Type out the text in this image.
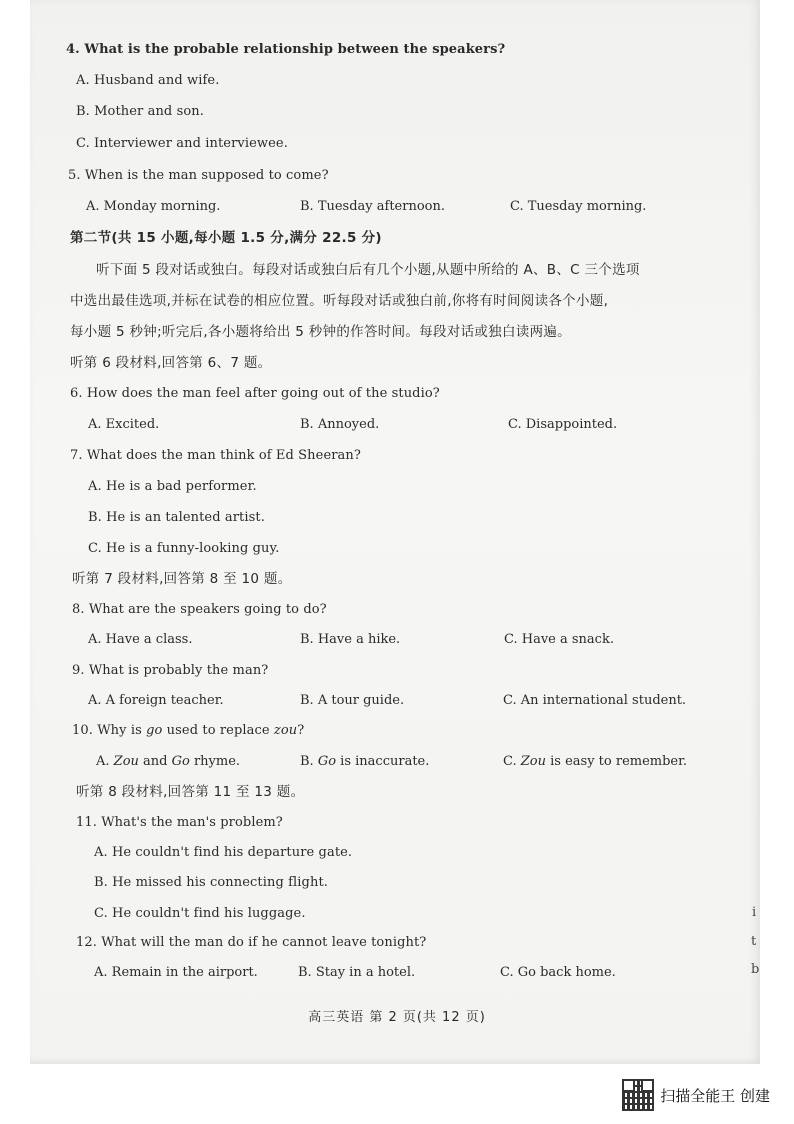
4. What is the probable relationship between the speakers?
A. Husband and wife.
B. Mother and son.
C. Interviewer and interviewee.
5. When is the man supposed to come?
A. Monday morning.	B. Tuesday afternoon.	C. Tuesday morning.
第二节(共 15 小题,每小题 1.5 分,满分 22.5 分)
听下面 5 段对话或独白。每段对话或独白后有几个小题,从题中所给的 A、B、C 三个选项
中选出最佳选项,并标在试卷的相应位置。听每段对话或独白前,你将有时间阅读各个小题,
每小题 5 秒钟;听完后,各小题将给出 5 秒钟的作答时间。每段对话或独白读两遍。
听第 6 段材料,回答第 6、7 题。
6. How does the man feel after going out of the studio?
A. Excited.	B. Annoyed.	C. Disappointed.
7. What does the man think of Ed Sheeran?
A. He is a bad performer.
B. He is an talented artist.
C. He is a funny-looking guy.
听第 7 段材料,回答第 8 至 10 题。
8. What are the speakers going to do?
A. Have a class.	B. Have a hike.	C. Have a snack.
9. What is probably the man?
A. A foreign teacher.	B. A tour guide.	C. An international student.
10. Why is go used to replace zou?
A. Zou and Go rhyme.	B. Go is inaccurate.	C. Zou is easy to remember.
听第 8 段材料,回答第 11 至 13 题。
11. What's the man's problem?
A. He couldn't find his departure gate.
B. He missed his connecting flight.
C. He couldn't find his luggage.
12. What will the man do if he cannot leave tonight?
A. Remain in the airport.	B. Stay in a hotel.	C. Go back home.
i
t
b
高三英语 第 2 页(共 12 页)
扫描全能王 创建
